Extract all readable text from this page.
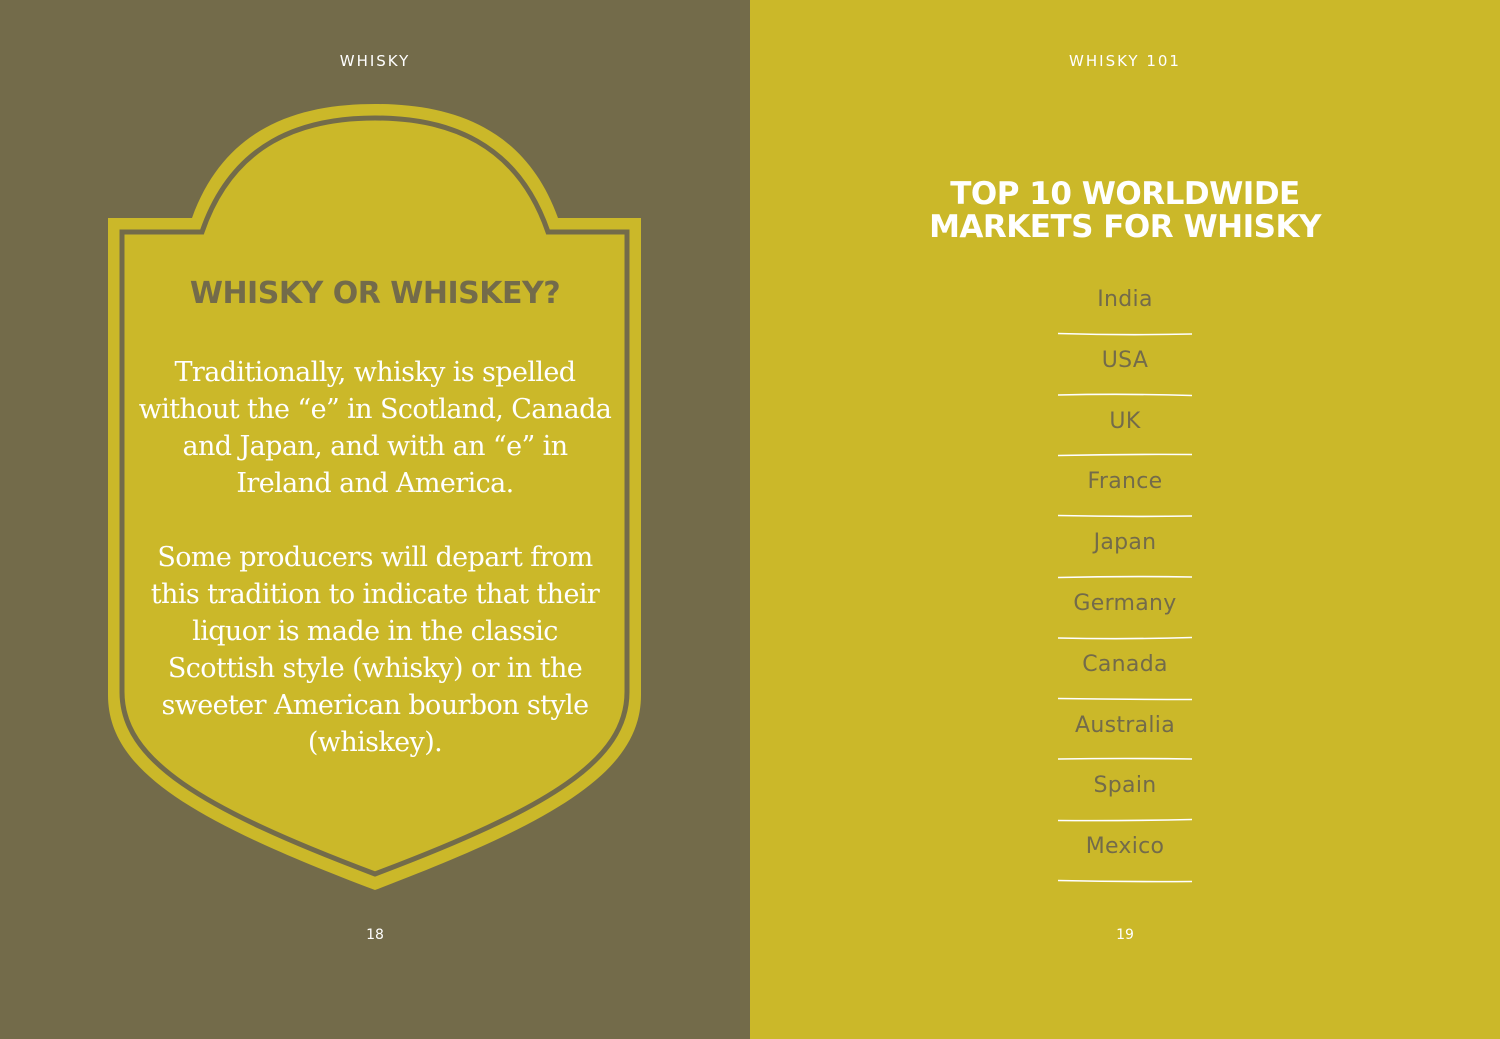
WHISKY
WHISKY OR WHISKEY?
Traditionally, whisky is spelled without the “e” in Scotland, Canada and Japan, and with an “e” in Ireland and America.
Some producers will depart from this tradition to indicate that their liquor is made in the classic Scottish style (whisky) or in the sweeter American bourbon style (whiskey).
18
WHISKY 101
TOP 10 WORLDWIDE
MARKETS FOR WHISKY
India
USA
UK
France
Japan
Germany
Canada
Australia
Spain
Mexico
19
